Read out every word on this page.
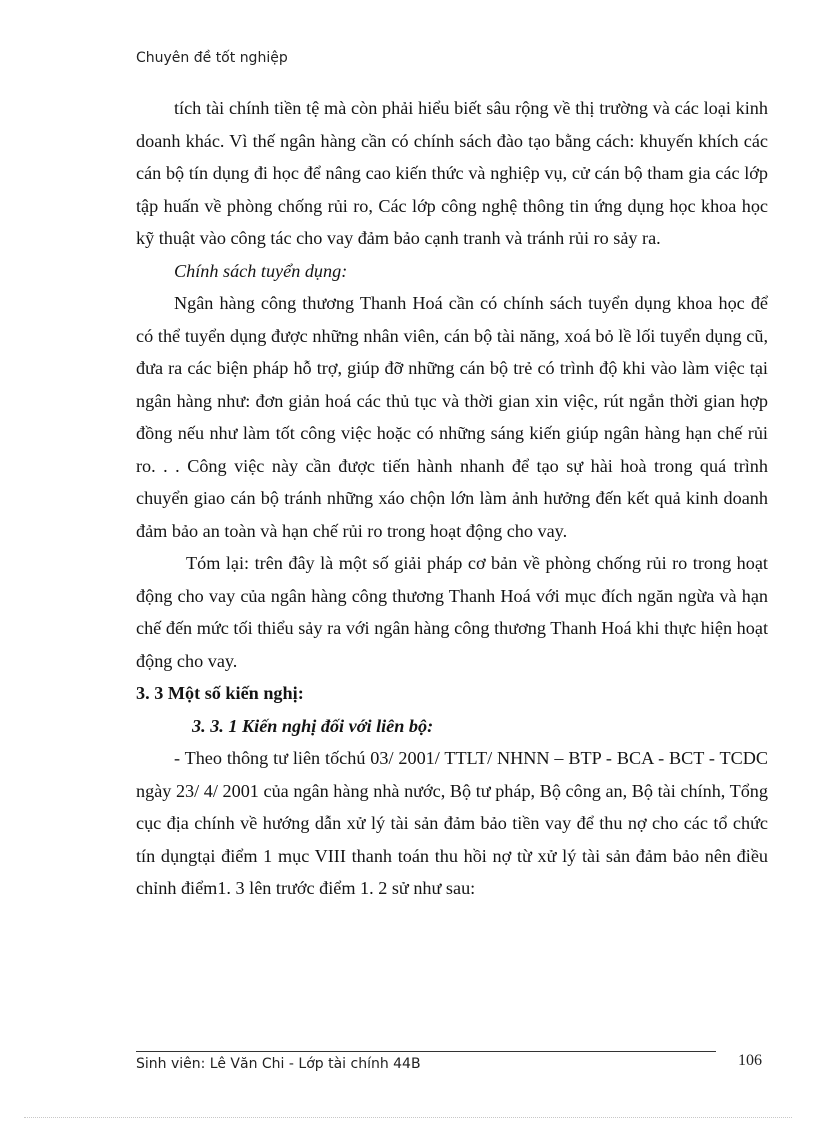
Chuyên đề tốt nghiệp

tích tài chính tiền tệ mà còn phải hiểu biết sâu rộng về thị trường và các loại kinh doanh khác. Vì thế ngân hàng cần có chính sách đào tạo bằng cách: khuyến khích các cán bộ tín dụng đi học để nâng cao kiến thức và nghiệp vụ, cử cán bộ tham gia các lớp tập huấn về phòng chống rủi ro, Các lớp công nghệ thông tin ứng dụng học khoa học kỹ thuật vào công tác cho vay đảm bảo cạnh tranh và tránh rủi ro sảy ra.

Chính sách tuyển dụng:

Ngân hàng công thương Thanh Hoá cần có chính sách tuyển dụng khoa học để có thể tuyển dụng được những nhân viên, cán bộ tài năng, xoá bỏ lề lối tuyển dụng cũ, đưa ra các biện pháp hỗ trợ, giúp đỡ những cán bộ trẻ có trình độ khi vào làm việc tại ngân hàng như: đơn giản hoá các thủ tục và thời gian xin việc, rút ngắn thời gian hợp đồng nếu như làm tốt công việc hoặc có những sáng kiến giúp ngân hàng hạn chế rủi ro. . . Công việc này cần được tiến hành nhanh để tạo sự hài hoà trong quá trình chuyển giao cán bộ tránh những xáo chộn lớn làm ảnh hưởng đến kết quả kinh doanh đảm bảo an toàn và hạn chế rủi ro trong hoạt động cho vay.

Tóm lại: trên đây là một số giải pháp cơ bản về phòng chống rủi ro trong hoạt động cho vay của ngân hàng công thương Thanh Hoá với mục đích ngăn ngừa và hạn chế đến mức tối thiểu sảy ra với ngân hàng công thương Thanh Hoá khi thực hiện hoạt động cho vay.

3. 3 Một số kiến nghị:

3. 3. 1 Kiến nghị đối với liên bộ:

- Theo thông tư liên tốchú 03/ 2001/ TTLT/ NHNN – BTP - BCA - BCT - TCDC ngày 23/ 4/ 2001 của ngân hàng nhà nước, Bộ tư pháp, Bộ công an, Bộ tài chính, Tổng cục địa chính về hướng dẫn xử lý tài sản đảm bảo tiền vay để thu nợ cho các tổ chức tín dụngtại điểm 1 mục VIII thanh toán thu hồi nợ từ xử lý tài sản đảm bảo nên điều chỉnh điểm1. 3 lên trước điểm 1. 2 sử như sau:

Sinh viên: Lê Văn Chi - Lớp tài chính 44B	106
